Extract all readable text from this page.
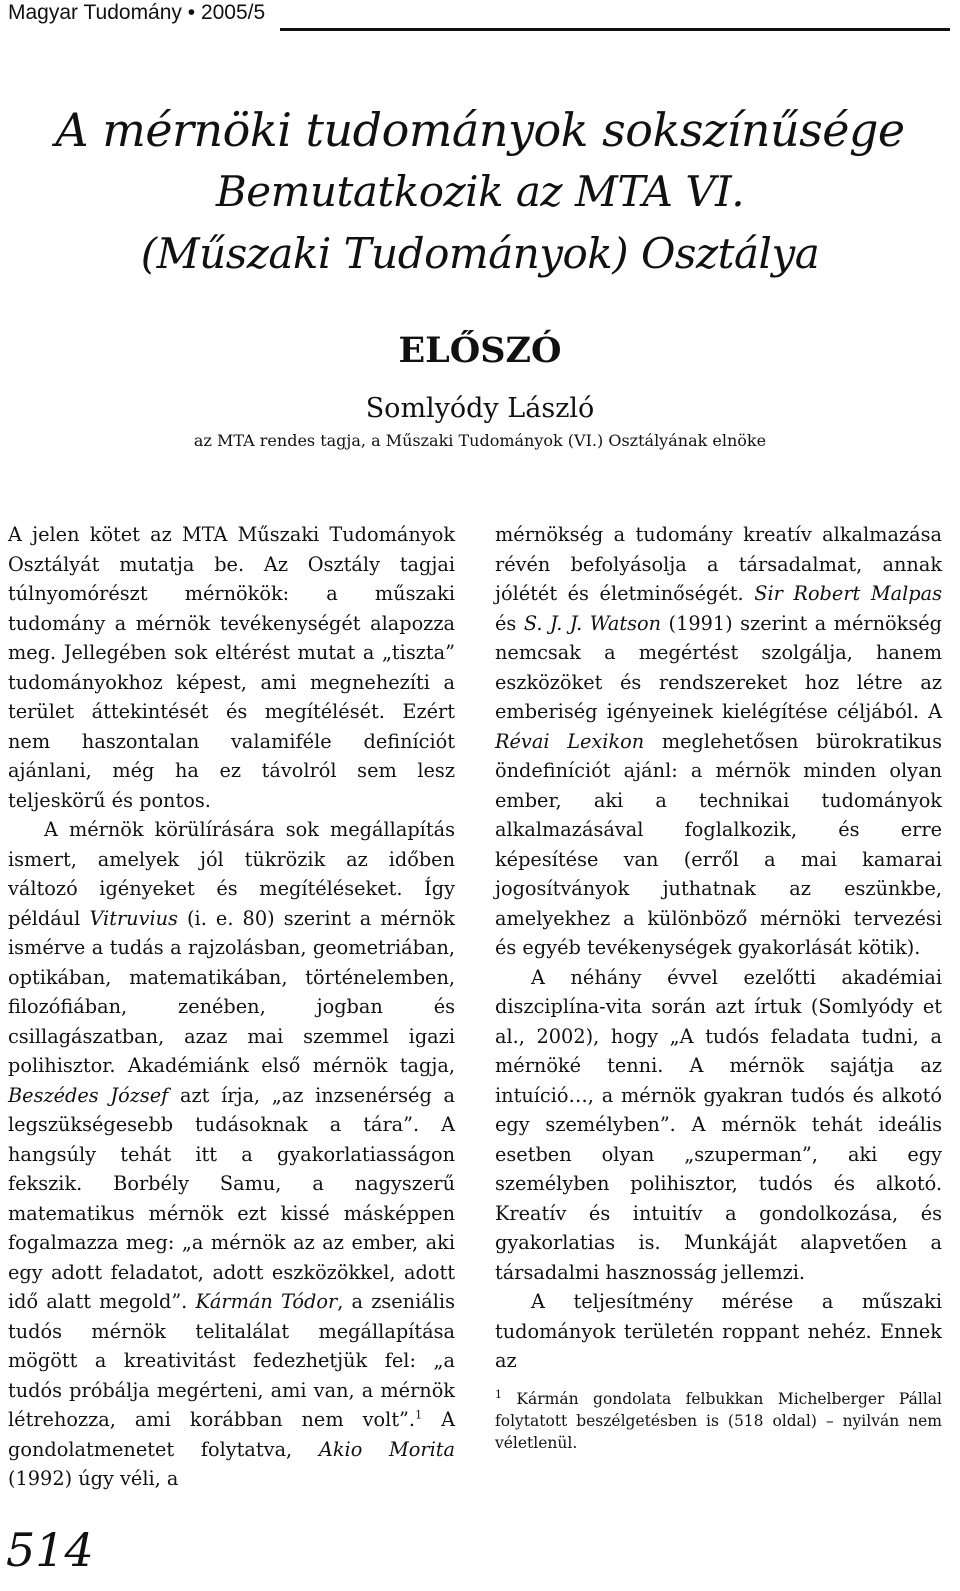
Magyar Tudomány • 2005/5
A mérnöki tudományok sokszínűsége
Bemutatkozik az MTA VI.
(Műszaki Tudományok) Osztálya
ELŐSZÓ
Somlyódy László
az MTA rendes tagja, a Műszaki Tudományok (VI.) Osztályának elnöke

A jelen kötet az MTA Műszaki Tudományok Osztályát mutatja be. Az Osztály tagjai túlnyomórészt mérnökök: a műszaki tudomány a mérnök tevékenységét alapozza meg. Jellegében sok eltérést mutat a „tiszta” tudományokhoz képest, ami megnehezíti a terület áttekintését és megítélését. Ezért nem haszontalan valamiféle definíciót ajánlani, még ha ez távolról sem lesz teljeskörű és pontos.

A mérnök körülírására sok megállapítás ismert, amelyek jól tükrözik az időben változó igényeket és megítéléseket. Így például Vitruvius (i. e. 80) szerint a mérnök ismérve a tudás a rajzolásban, geometriában, optikában, matematikában, történelemben, filozófiában, zenében, jogban és csillagászatban, azaz mai szemmel igazi polihisztor. Akadémiánk első mérnök tagja, Beszédes József azt írja, „az inzsenérség a legszükségesebb tudásoknak a tára”. A hangsúly tehát itt a gyakorlatiasságon fekszik. Borbély Samu, a nagyszerű matematikus mérnök ezt kissé másképpen fogalmazza meg: „a mérnök az az ember, aki egy adott feladatot, adott eszközökkel, adott idő alatt megold”. Kármán Tódor, a zseniális tudós mérnök telitalálat megállapítása mögött a kreativitást fedezhetjük fel: „a tudós próbálja megérteni, ami van, a mérnök létrehozza, ami korábban nem volt”.$^1$ A gondolatmenetet folytatva, Akio Morita (1992) úgy véli, a

mérnökség a tudomány kreatív alkalmazása révén befolyásolja a társadalmat, annak jólétét és életminőségét. Sir Robert Malpas és S. J. J. Watson (1991) szerint a mérnökség nemcsak a megértést szolgálja, hanem eszközöket és rendszereket hoz létre az emberiség igényeinek kielégítése céljából. A Révai Lexikon meglehetősen bürokratikus öndefiníciót ajánl: a mérnök minden olyan ember, aki a technikai tudományok alkalmazásával foglalkozik, és erre képesítése van (erről a mai kamarai jogosítványok juthatnak az eszünkbe, amelyekhez a különböző mérnöki tervezési és egyéb tevékenységek gyakorlását kötik).

A néhány évvel ezelőtti akadémiai diszciplína-vita során azt írtuk (Somlyódy et al., 2002), hogy „A tudós feladata tudni, a mérnöké tenni. A mérnök sajátja az intuíció…, a mérnök gyakran tudós és alkotó egy személyben”. A mérnök tehát ideális esetben olyan „szuperman”, aki egy személyben polihisztor, tudós és alkotó. Kreatív és intuitív a gondolkozása, és gyakorlatias is. Munkáját alapvetően a társadalmi hasznosság jellemzi.

A teljesítmény mérése a műszaki tudományok területén roppant nehéz. Ennek az

$^1$ Kármán gondolata felbukkan Michelberger Pállal folytatott beszélgetésben is (518 oldal) – nyilván nem véletlenül.

514
